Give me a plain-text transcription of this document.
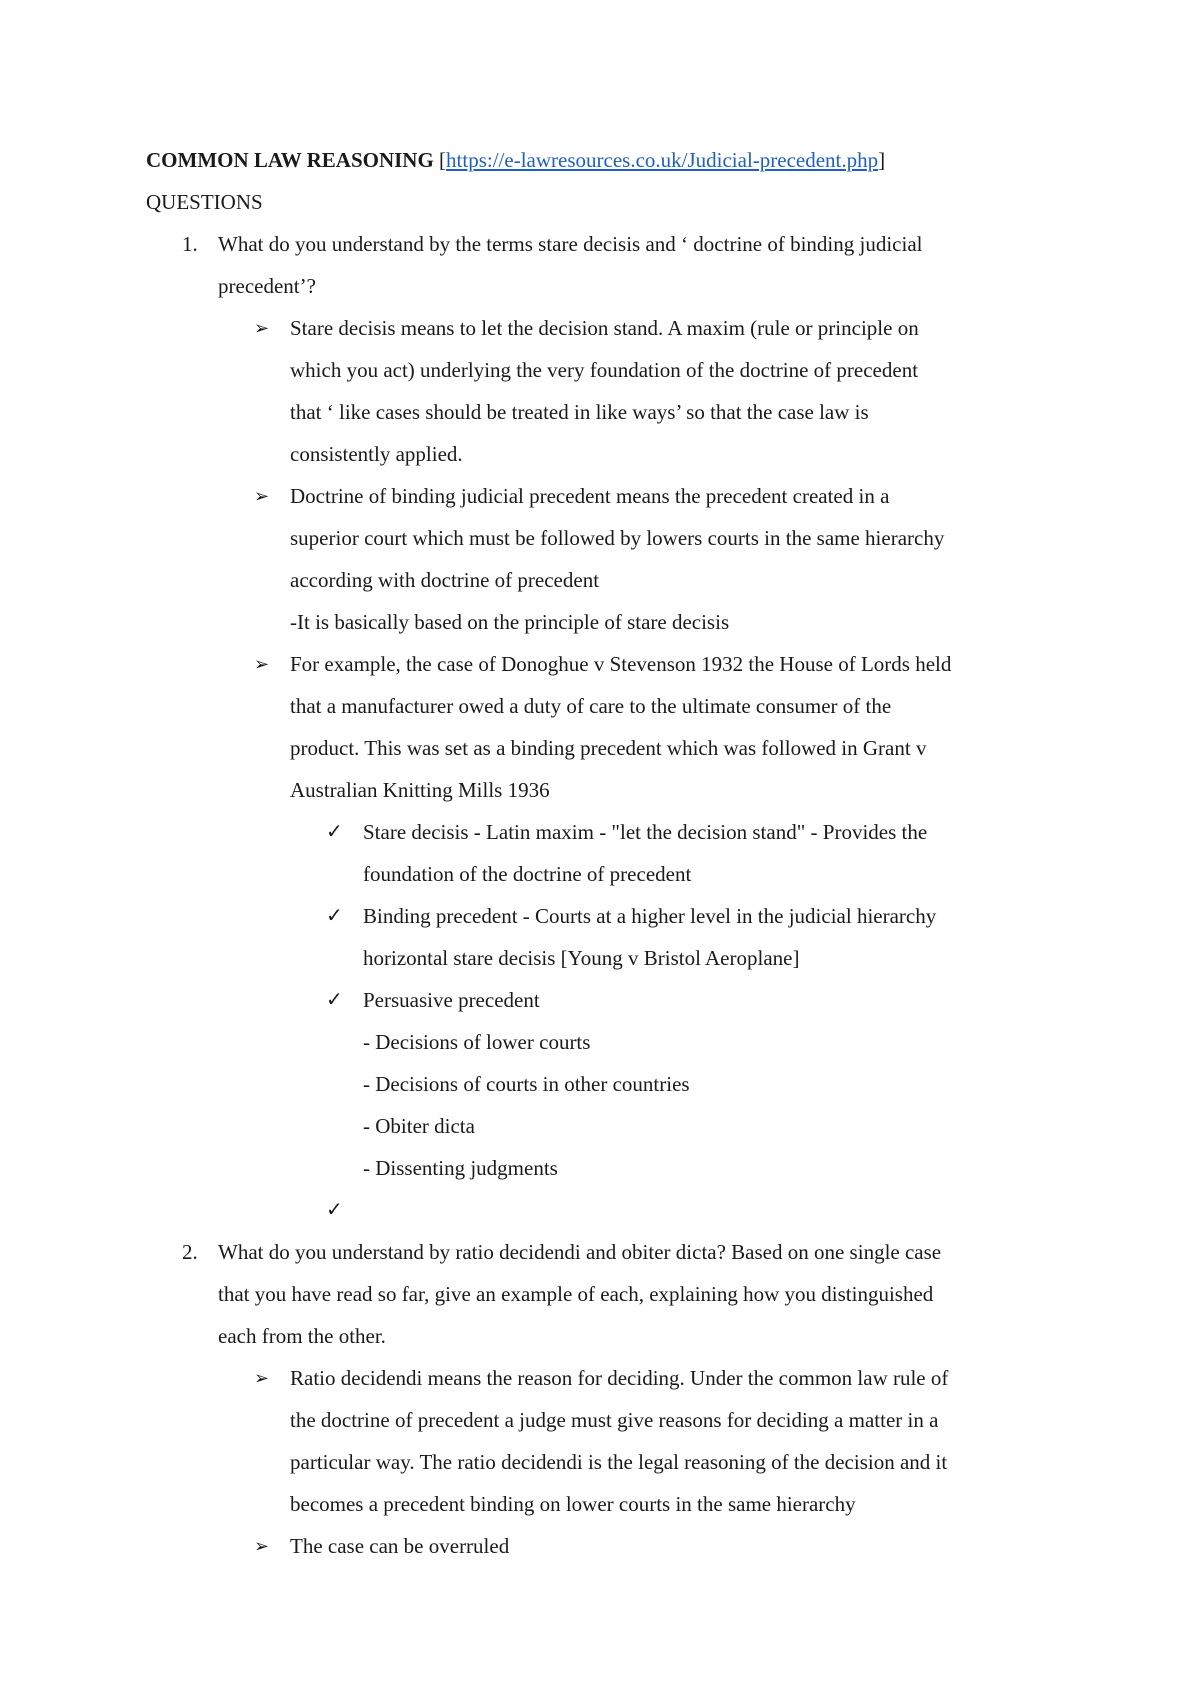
COMMON LAW REASONING [https://e-lawresources.co.uk/Judicial-precedent.php]
QUESTIONS
1. What do you understand by the terms stare decisis and ‘ doctrine of binding judicial
precedent’?
➢ Stare decisis means to let the decision stand. A maxim (rule or principle on
which you act) underlying the very foundation of the doctrine of precedent
that ‘ like cases should be treated in like ways’ so that the case law is
consistently applied.
➢ Doctrine of binding judicial precedent means the precedent created in a
superior court which must be followed by lowers courts in the same hierarchy
according with doctrine of precedent
-It is basically based on the principle of stare decisis
➢ For example, the case of Donoghue v Stevenson 1932 the House of Lords held
that a manufacturer owed a duty of care to the ultimate consumer of the
product. This was set as a binding precedent which was followed in Grant v
Australian Knitting Mills 1936
✓ Stare decisis - Latin maxim - "let the decision stand" - Provides the
foundation of the doctrine of precedent
✓ Binding precedent - Courts at a higher level in the judicial hierarchy
horizontal stare decisis [Young v Bristol Aeroplane]
✓ Persuasive precedent
- Decisions of lower courts
- Decisions of courts in other countries
- Obiter dicta
- Dissenting judgments
✓

2. What do you understand by ratio decidendi and obiter dicta? Based on one single case
that you have read so far, give an example of each, explaining how you distinguished
each from the other.
➢ Ratio decidendi means the reason for deciding. Under the common law rule of
the doctrine of precedent a judge must give reasons for deciding a matter in a
particular way. The ratio decidendi is the legal reasoning of the decision and it
becomes a precedent binding on lower courts in the same hierarchy
➢ The case can be overruled
